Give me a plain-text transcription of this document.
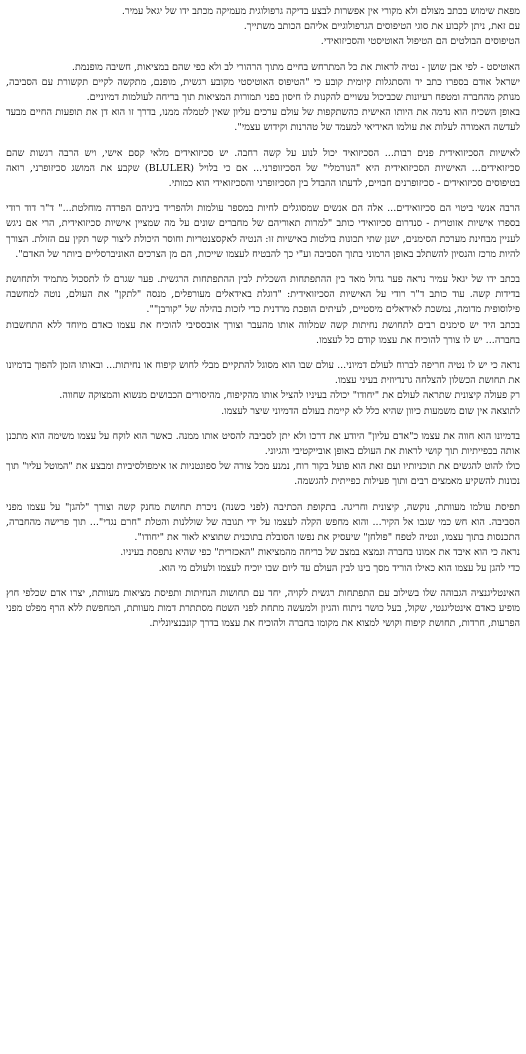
מפאת שימוש בכתב מצולם ולא מקורי אין אפשרות לבצע בדיקה גרפולוגית מעמיקה מכתב ידו של יגאל עמיר.

עם זאת, ניתן לקבוע את סוגי הטיפוסים הגרפולוגיים אליהם הכותב משתייך.

הטיפוסים הבולטים הם הטיפול האוטיסטי והסכיזואידי.

האוטיסט - לפי אבן שושן - נטיה לראות את כל המתרחש בחיים מתוך הרהורי לב ולא כפי שהם במציאות, חשיבה מופנמת.

ישראל אודם בספרו כתב יד והסתגלות קיומית קובע כי "הטיפוס האוטיסטי מקובע רגשית, מופנם, מתקשה לקיים תקשורת עם הסביבה, מנותק מהחברה ומטפח רעיונות שכביכול עשויים להקנות לו חיסון בפני תמורות המציאות תוך בריחה לעולמות דמיוניים.

באופן השכיח הוא נדמה את היותו האישית כהשתקפות של עולם ערכים עליון שאין לטמלה ממנו, בדרך זו הוא דן את תופעות החיים מבעד לעדשה האמורה לעלות את עולמו האידיאי למעמד של טהרנות וקידוש עצמי".

לאישיות הסכיזואידית פנים רבות... הסכיזואיד יכול לנוע על קשה רחבה. יש סכיזואידים מלאי קסם אישי, ויש הרבה רגשות שהם סכיזואידים... האישיות הסכיזואידית היא "הנורמלי" של הסכיזופרני... אם כי בלויל (BLULER) שקבע את המושג סכיזופרני, רואה בטיפוסים סכיזואידים - סכיזופרנים חבויים, לדעתו ההבדל בין הסכיזופרני והסכיזואידי הוא כמותי.

הרבה אנשי ביטוי הם סכיזואידים... אלה הם אנשים שמסוגלים לחיות במספר עולמות ולהפריד ביניהם הפרדה מוחלטת..." ד"ר דוד רודי בספרו אישיות אזוטרית - סנדרום סכיזואידי כותב "למרות תאוריהם של מחברים שונים על מה שמציין אישיות סכיזואידית, הרי אם ניגש לעניין מבחינת מערכת הסימנים, ישנן שתי תכונות בולטות באישיות זו: הנטיה לאקסצנטריות וחוסר היכולת ליצור קשר תקין עם הזולת. הצורך להיות מרכז והנסיון להשתלב באופן הרמוני בתוך הסביבה וע"י כך להבטיח לעצמו שייכות, הם מן הצרכים האוניברסליים ביותר של האדם".

בכתב ידו של יגאל עמיר נראה פער גדול מאד בין ההתפתחות השכלית לבין ההתפתחות הרגשית. פער שגרם לו לתסכול מתמיד ולתחושת בדידות קשה. עוד כותב ד"ר רודי על האישיות הסכיזואידית: "דוגלת באידאלים מעורפלים, מנסה "לתקן" את העולם, נוטה למחשבה פילוסופית מדומה, נמשכת לאידאלים מיסטיים, לעיתים הופכת מרדנית כדי לזכות בהילה של "קורבן"".

בכתב היד יש סימנים רבים לתחושת נחיתות קשה שמלווה אותו מהעבר וצורך אובססיבי להוכיח את עצמו כאדם מיוחד ללא התחשבות בחברה... יש לו צורך להוכיח את עצמו קודם כל לעצמו.

נראה כי יש לו נטיה חריפה לברוח לעולם דמיוני... עולם שבו הוא מסוגל להתקיים מבלי לחוש קיפוח או נחיתות... ובאותו הזמן להפוך בדמיונו את תחושת הכשלון להצלחה גרנדיוזית בעיני עצמו.

רק פעולה קיצונית שתראה לעולם את "יחודו" יכולה בעיניו להציל אותו מהקיפוח, מהיסורים הכבושים מנשוא והמצוקה שחווה.

לתוצאה אין שום משמעות כיוון שהיא כלל לא קיימת בעולם הדמיוני שיצר לעצמו.

בדמיונו הוא חווה את עצמו כ"אדם עליון" היודע את דרכו ולא יתן לסביבה להסיט אותו ממנה. כאשר הוא לוקח על עצמו משימה הוא מתכנן אותה בכפייתיות תוך קושי לראות את העולם באופן אובייקטיבי והגיוני.

כולו להוט להגשים את תוכניותיו ועם זאת הוא פועל בקור רוח, נמנע מכל צורה של ספונטניות או אימפולסיביות ומבצע את "המוטל עליו" תוך נכונות להשקיע מאמצים רבים ותוך פעילות כפייתית להגשמה.

תפיסת עולמו מעוותת, נוקשה, קיצונית וחריגה. בתקופת הכתיבה (לפני כשנה) ניכרת תחושת מחנק קשה וצורך "להגן" על עצמו מפני הסביבה. הוא חש כמי שגבו אל הקיר... והוא מחפש הקלה לעצמו על ידי תגובה של שוללנות והטלת "חרם נגדי"... תוך פרישה מהחברה, התכנסות בתוך עצמו, ונטיה לטפח "פולחן" שיעסיק את נפשו הסובלת בתוכנית שתוציא לאור את "יחודו".

נראה כי הוא איבד את אמונו בחברה ונמצא במצב של בריחה מהמציאות "האכזרית" כפי שהיא נתפסת בעיניו.

כדי להגן על עצמו הוא כאילו הוריד מסך בינו לבין העולם עד ליום שבו יוכיח לעצמו ולעולם מי הוא.

האינטליגנציה הגבוהה שלו בשילוב עם התפתחות רגשית לקויה, יחד עם תחושות הנחיתות ותפיסת מציאות מעוותת, יצרו אדם שכלפי חוץ מופיע כאדם אינטליגנטי, שקול, בעל כושר ניתוח והגיון ולמעשה מתחת לפני השטח מסתתרת דמות מעוותת, המחפשת ללא הרף מפלט מפני הפרעות, חרדות, תחושת קיפוח וקושי למצוא את מקומו בחברה ולהוכיח את עצמו בדרך קונבנציונלית.
